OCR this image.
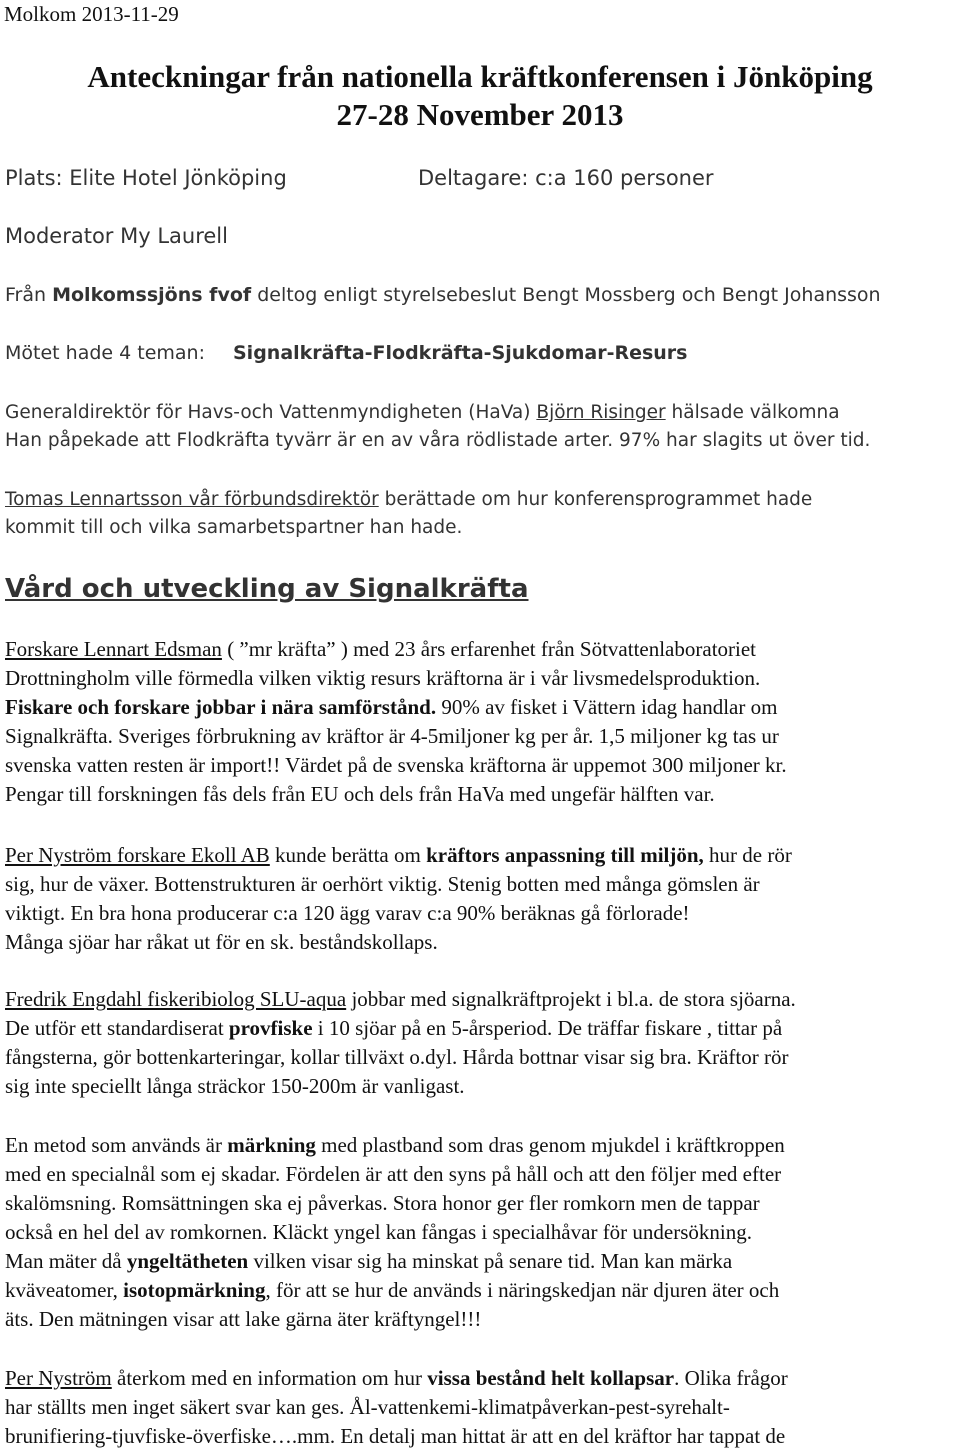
Molkom 2013-11-29
Anteckningar från nationella kräftkonferensen i Jönköping
27-28 November 2013
Plats: Elite Hotel Jönköping	Deltagare: c:a 160 personer
Moderator My Laurell
Från Molkomssjöns fvof deltog enligt styrelsebeslut Bengt Mossberg och Bengt Johansson
Mötet hade 4 teman: Signalkräfta-Flodkräfta-Sjukdomar-Resurs
Generaldirektör för Havs-och Vattenmyndigheten (HaVa) Björn Risinger hälsade välkomna
Han påpekade att Flodkräfta tyvärr är en av våra rödlistade arter. 97% har slagits ut över tid.
Tomas Lennartsson vår förbundsdirektör berättade om hur konferensprogrammet hade
kommit till och vilka samarbetspartner han hade.
Vård och utveckling av Signalkräfta
Forskare Lennart Edsman ( ”mr kräfta” ) med 23 års erfarenhet från Sötvattenlaboratoriet
Drottningholm ville förmedla vilken viktig resurs kräftorna är i vår livsmedelsproduktion.
Fiskare och forskare jobbar i nära samförstånd. 90% av fisket i Vättern idag handlar om
Signalkräfta. Sveriges förbrukning av kräftor är 4-5miljoner kg per år. 1,5 miljoner kg tas ur
svenska vatten resten är import!! Värdet på de svenska kräftorna är uppemot 300 miljoner kr.
Pengar till forskningen fås dels från EU och dels från HaVa med ungefär hälften var.
Per Nyström forskare Ekoll AB kunde berätta om kräftors anpassning till miljön, hur de rör
sig, hur de växer. Bottenstrukturen är oerhört viktig. Stenig botten med många gömslen är
viktigt. En bra hona producerar c:a 120 ägg varav c:a 90% beräknas gå förlorade!
Många sjöar har råkat ut för en sk. beståndskollaps.
Fredrik Engdahl fiskeribiolog SLU-aqua jobbar med signalkräftprojekt i bl.a. de stora sjöarna.
De utför ett standardiserat provfiske i 10 sjöar på en 5-årsperiod. De träffar fiskare , tittar på
fångsterna, gör bottenkarteringar, kollar tillväxt o.dyl. Hårda bottnar visar sig bra. Kräftor rör
sig inte speciellt långa sträckor 150-200m är vanligast.
En metod som används är märkning med plastband som dras genom mjukdel i kräftkroppen
med en specialnål som ej skadar. Fördelen är att den syns på håll och att den följer med efter
skalömsning. Romsättningen ska ej påverkas. Stora honor ger fler romkorn men de tappar
också en hel del av romkornen. Kläckt yngel kan fångas i specialhåvar för undersökning.
Man mäter då yngeltätheten vilken visar sig ha minskat på senare tid. Man kan märka
kväveatomer, isotopmärkning, för att se hur de används i näringskedjan när djuren äter och
äts. Den mätningen visar att lake gärna äter kräftyngel!!!
Per Nyström återkom med en information om hur vissa bestånd helt kollapsar. Olika frågor
har ställts men inget säkert svar kan ges. Ål-vattenkemi-klimatpåverkan-pest-syrehalt-
brunifiering-tjuvfiske-överfiske….mm. En detalj man hittat är att en del kräftor har tappat de
